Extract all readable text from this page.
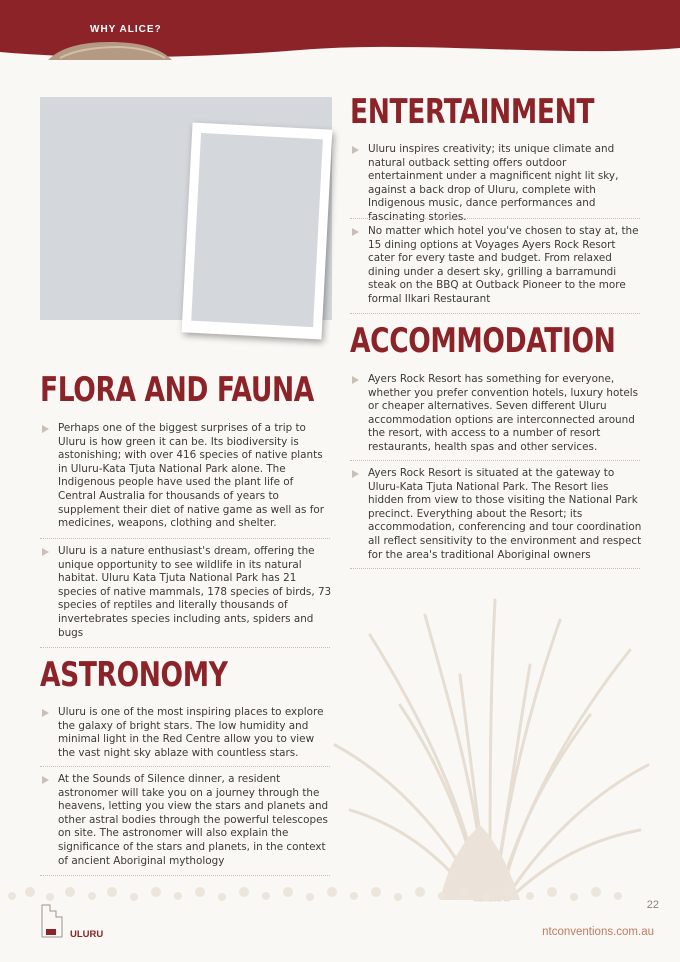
WHY ALICE?
ENTERTAINMENT
Uluru inspires creativity; its unique climate and natural outback setting offers outdoor entertainment under a magnificent night lit sky, against a back drop of Uluru, complete with Indigenous music, dance performances and fascinating stories.
No matter which hotel you've chosen to stay at, the 15 dining options at Voyages Ayers Rock Resort cater for every taste and budget. From relaxed dining under a desert sky, grilling a barramundi steak on the BBQ at Outback Pioneer to the more formal Ilkari Restaurant
ACCOMMODATION
Ayers Rock Resort has something for everyone, whether you prefer convention hotels, luxury hotels or cheaper alternatives. Seven different Uluru accommodation options are interconnected around the resort, with access to a number of resort restaurants, health spas and other services.
Ayers Rock Resort is situated at the gateway to Uluru-Kata Tjuta National Park. The Resort lies hidden from view to those visiting the National Park precinct. Everything about the Resort; its accommodation, conferencing and tour coordination all reflect sensitivity to the environment and respect for the area's traditional Aboriginal owners
FLORA AND FAUNA
Perhaps one of the biggest surprises of a trip to Uluru is how green it can be. Its biodiversity is astonishing; with over 416 species of native plants in Uluru-Kata Tjuta National Park alone. The Indigenous people have used the plant life of Central Australia for thousands of years to supplement their diet of native game as well as for medicines, weapons, clothing and shelter.
Uluru is a nature enthusiast's dream, offering the unique opportunity to see wildlife in its natural habitat. Uluru Kata Tjuta National Park has 21 species of native mammals, 178 species of birds, 73 species of reptiles and literally thousands of invertebrates species including ants, spiders and bugs
ASTRONOMY
Uluru is one of the most inspiring places to explore the galaxy of bright stars. The low humidity and minimal light in the Red Centre allow you to view the vast night sky ablaze with countless stars.
At the Sounds of Silence dinner, a resident astronomer will take you on a journey through the heavens, letting you view the stars and planets and other astral bodies through the powerful telescopes on site. The astronomer will also explain the significance of the stars and planets, in the context of ancient Aboriginal mythology
22
ULURU	ntconventions.com.au
